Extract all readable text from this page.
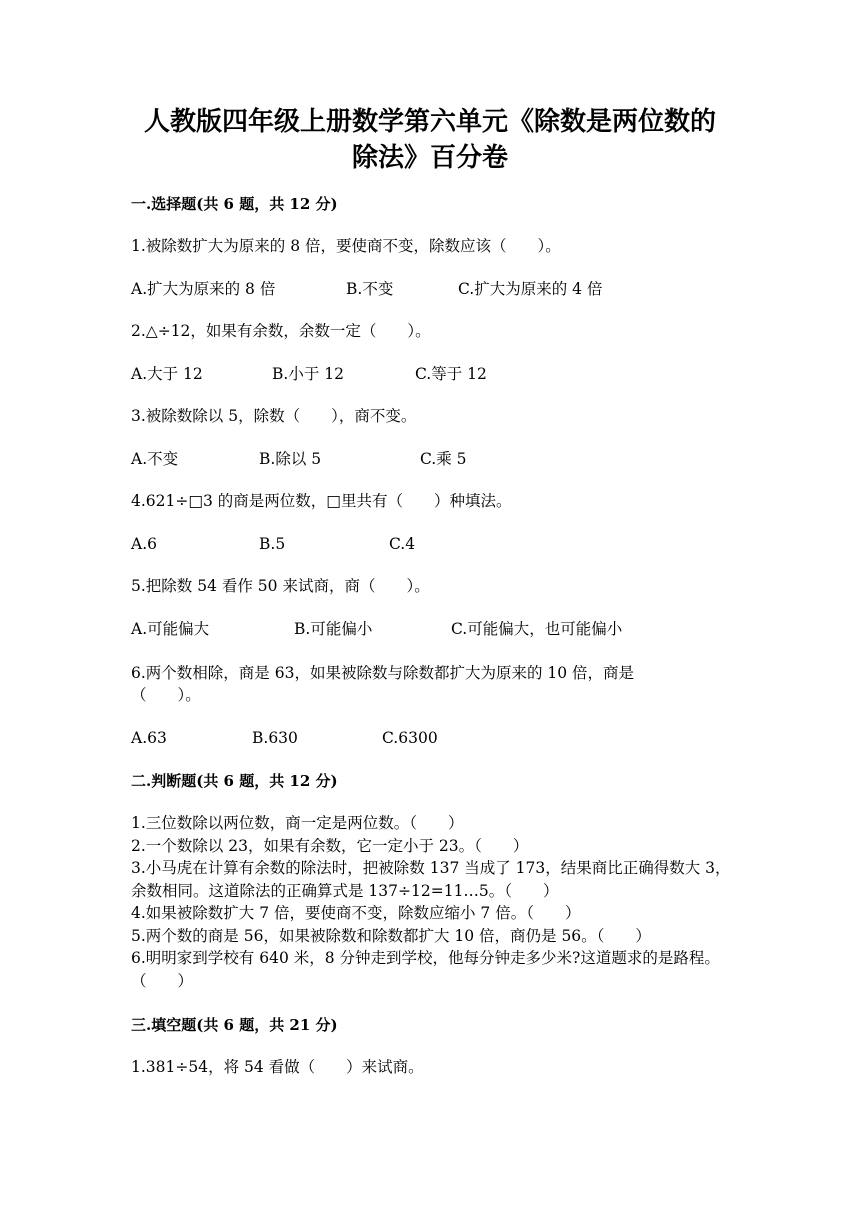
人教版四年级上册数学第六单元《除数是两位数的
除法》百分卷
一.选择题(共 6 题，共 12 分)
1.被除数扩大为原来的 8 倍，要使商不变，除数应该（　　）。
A.扩大为原来的 8 倍	B.不变	C.扩大为原来的 4 倍
2.△÷12，如果有余数，余数一定（　　）。
A.大于 12	B.小于 12	C.等于 12
3.被除数除以 5，除数（　　），商不变。
A.不变	B.除以 5	C.乘 5
4.621÷□3 的商是两位数，□里共有（　　）种填法。
A.6	B.5	C.4
5.把除数 54 看作 50 来试商，商（　　）。
A.可能偏大	B.可能偏小	C.可能偏大，也可能偏小
6.两个数相除，商是 63，如果被除数与除数都扩大为原来的 10 倍，商是（　　）。
A.63	B.630	C.6300
二.判断题(共 6 题，共 12 分)
1.三位数除以两位数，商一定是两位数。（　　）
2.一个数除以 23，如果有余数，它一定小于 23。（　　）
3.小马虎在计算有余数的除法时，把被除数 137 当成了 173，结果商比正确得数大 3，余数相同。这道除法的正确算式是 137÷12=11…5。（　　）
4.如果被除数扩大 7 倍，要使商不变，除数应缩小 7 倍。（　　）
5.两个数的商是 56，如果被除数和除数都扩大 10 倍，商仍是 56。（　　）
6.明明家到学校有 640 米，8 分钟走到学校，他每分钟走多少米?这道题求的是路程。（　　）
三.填空题(共 6 题，共 21 分)
1.381÷54，将 54 看做（　　）来试商。
